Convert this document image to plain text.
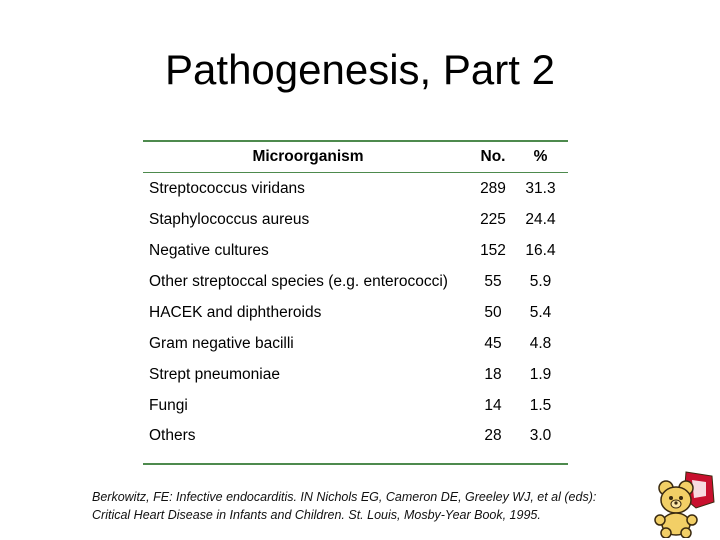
Pathogenesis, Part 2
Microorganism	No.	%
Streptococcus viridans	289	31.3
Staphylococcus aureus	225	24.4
Negative cultures	152	16.4
Other streptoccal species (e.g. enterococci)	55	5.9
HACEK and diphtheroids	50	5.4
Gram negative bacilli	45	4.8
Strept pneumoniae	18	1.9
Fungi	14	1.5
Others	28	3.0
Berkowitz, FE: Infective endocarditis. IN Nichols EG, Cameron DE, Greeley WJ, et al (eds):
Critical Heart Disease in Infants and Children. St. Louis, Mosby-Year Book, 1995.
